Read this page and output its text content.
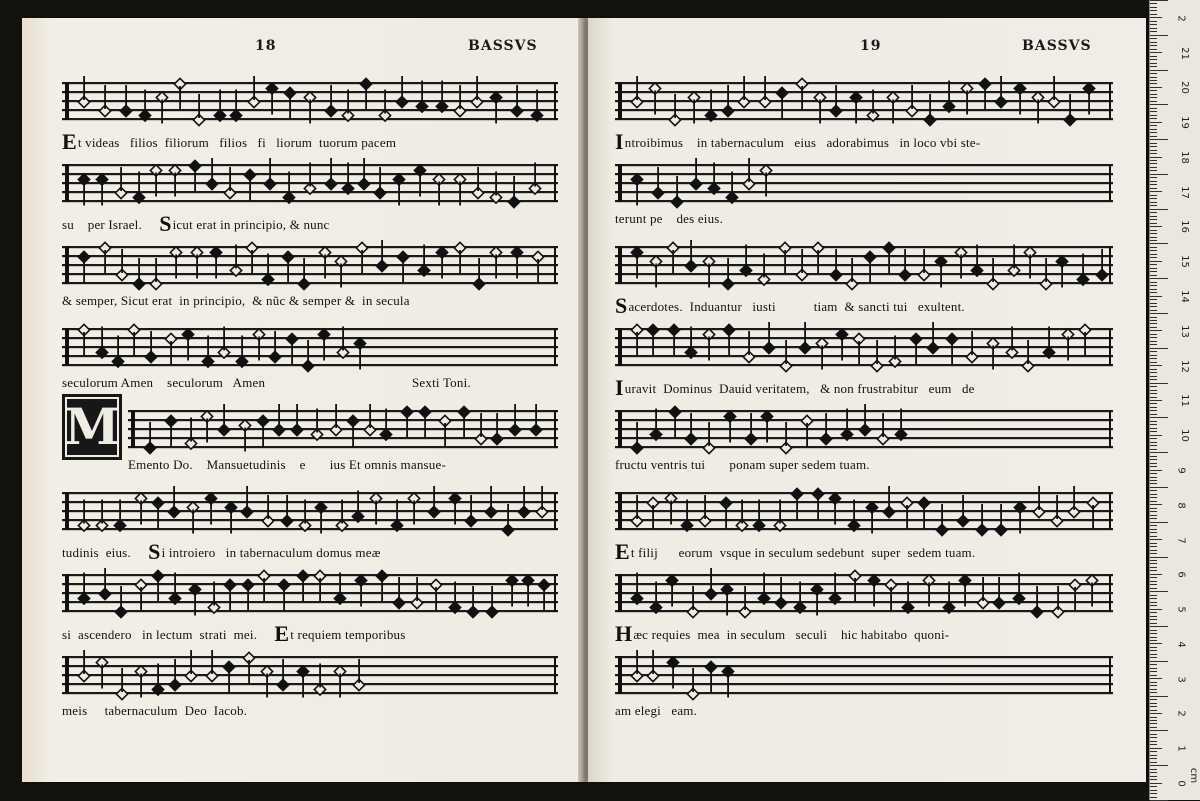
18	BASSVS	19	BASSVS
Et videas   filios  filiorum   filios   fi   liorum  tuorum pacem
su    per Israel. Sicut erat in principio, & nunc
& semper, Sicut erat  in principio,  & nũc & semper &  in secula
seculorum Amen    seculorum   Amen	Sexti Toni.
M
Emento Do.    Mansuetudinis    e       ius Et omnis mansue-
tudinis  eius. Si introiero   in tabernaculum domus meæ
si  ascendero   in lectum  strati  mei. Et requiem temporibus
meis     tabernaculum  Deo  Iacob.
Introibimus    in tabernaculum   eius   adorabimus   in loco vbi ste-
terunt pe    des eius.
Sacerdotes.  Induantur   iusti           tiam  & sancti tui   exultent.
Iuravit  Dominus  Dauid veritatem,   & non frustrabitur   eum   de
fructu ventris tui       ponam super sedem tuam.
Et filij      eorum  vsque in seculum sedebunt  super  sedem tuam.
Hæc requies  mea  in seculum   seculi    hic habitabo  quoni-
am elegi   eam.
0
1
2
3
4
5
6
7
8
9
10
11
12
13
14
15
16
17
18
19
20
21
2
cm
